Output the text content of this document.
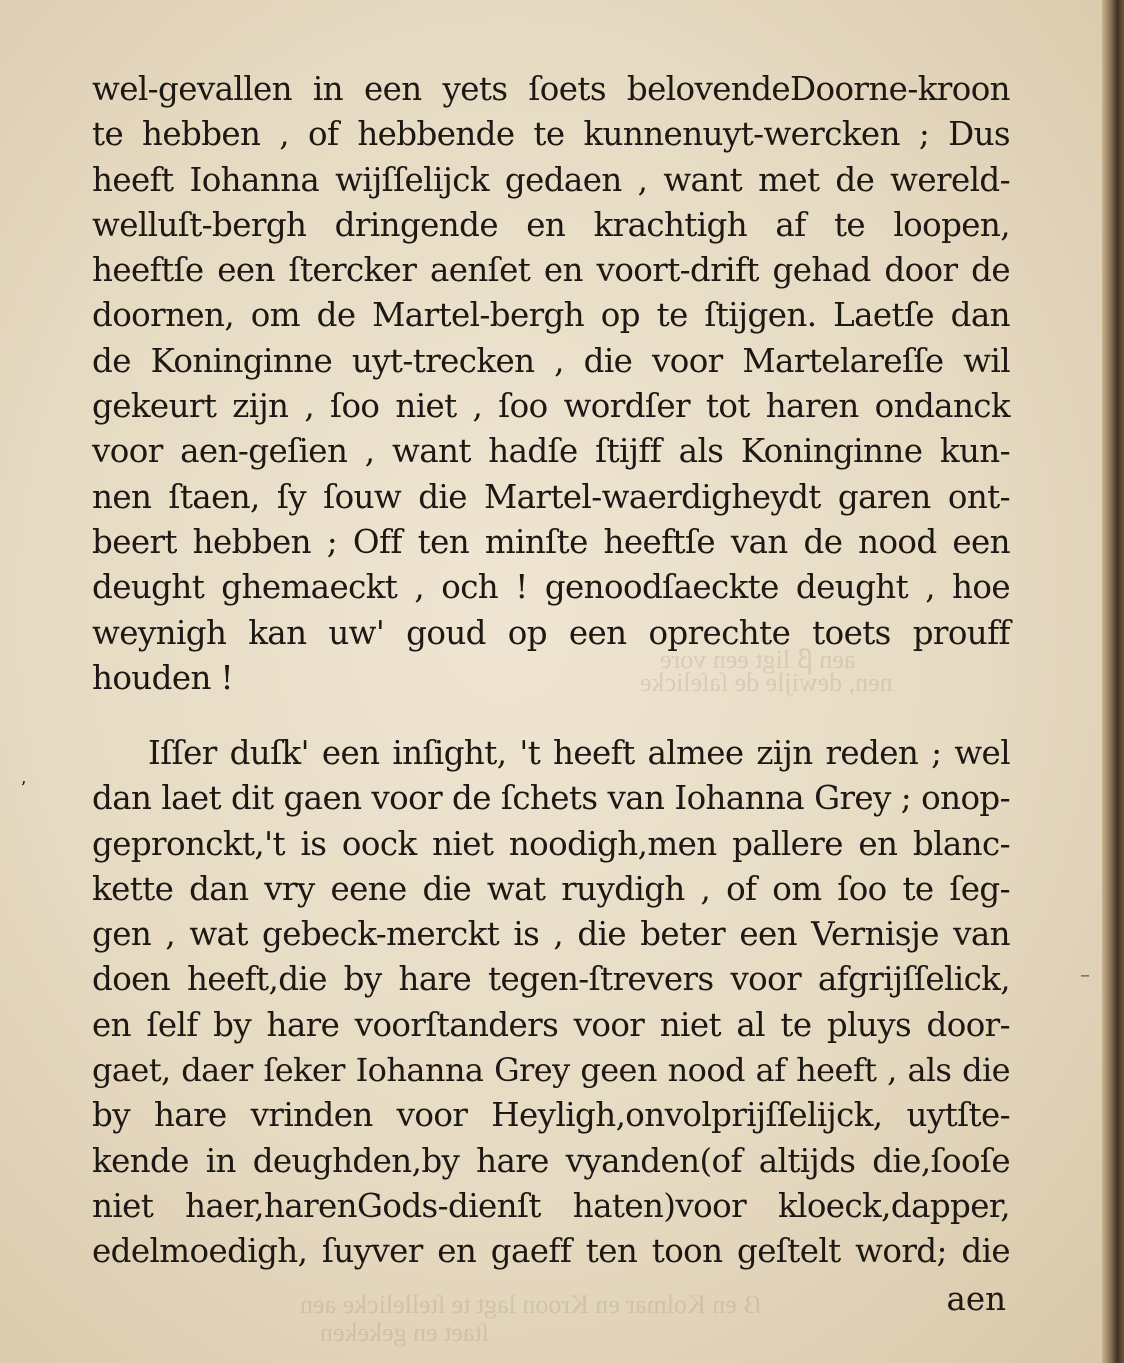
aen ꞵ ligt een vore
nen, dewijle de ſaſelicke
ẞ en Kolmar en Kroon lagt te ſtellelicke aen
ſtaet en gekeken
ʼ
–
wel-gevallen in een yets ſoets belovendeDoorne-kroon
te hebben , of hebbende te kunnenuyt-wercken ; Dus
heeft Iohanna wijſſelijck gedaen , want met de wereld-
welluſt-bergh dringende en krachtigh af te loopen,
heeftſe een ſtercker aenſet en voort-drift gehad door de
doornen, om de Martel-bergh op te ſtijgen. Laetſe dan
de Koninginne uyt-trecken , die voor Martelareſſe wil
gekeurt zijn , ſoo niet , ſoo wordſer tot haren ondanck
voor aen-geſien , want hadſe ſtijff als Koninginne kun-
nen ſtaen, ſy ſouw die Martel-waerdigheydt garen ont-
beert hebben ; Off ten minſte heeftſe van de nood een
deught ghemaeckt , och ! genoodſaeckte deught , hoe
weynigh kan uw' goud op een oprechte toets prouff
houden !
Iſſer duſk' een inſight, 't heeft almee zijn reden ; wel
dan laet dit gaen voor de ſchets van Iohanna Grey ; onop-
gepronckt,'t is oock niet noodigh,men pallere en blanc-
kette dan vry eene die wat ruydigh , of om ſoo te ſeg-
gen , wat gebeck-merckt is , die beter een Vernisje van
doen heeft,die by hare tegen-ſtrevers voor afgrijſſelick,
en ſelf by hare voorſtanders voor niet al te pluys door-
gaet, daer ſeker Iohanna Grey geen nood af heeft , als die
by hare vrinden voor Heyligh,onvolprijſſelijck, uytſte-
kende in deughden,by hare vyanden(of altijds die,ſooſe
niet haer,harenGods-dienſt haten)voor kloeck,dapper,
edelmoedigh, ſuyver en gaeff ten toon geſtelt word; die
aen
